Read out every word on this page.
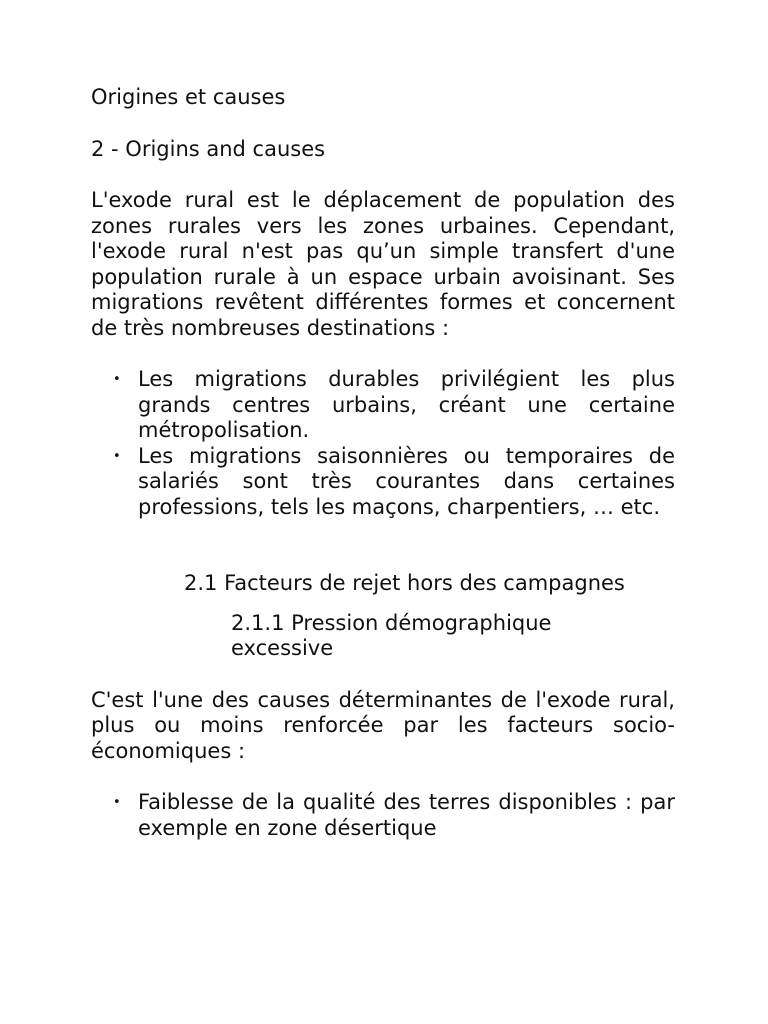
Origines et causes

2 - Origins and causes

L'exode rural est le déplacement de population des zones rurales vers les zones urbaines. Cependant, l'exode rural n'est pas qu’un simple transfert d'une population rurale à un espace urbain avoisinant. Ses migrations revêtent différentes formes et concernent de très nombreuses destinations :

• Les migrations durables privilégient les plus grands centres urbains, créant une certaine métropolisation.
• Les migrations saisonnières ou temporaires de salariés sont très courantes dans certaines professions, tels les maçons, charpentiers, … etc.

2.1 Facteurs de rejet hors des campagnes

2.1.1 Pression démographique excessive

C'est l'une des causes déterminantes de l'exode rural, plus ou moins renforcée par les facteurs socio-économiques :

• Faiblesse de la qualité des terres disponibles : par exemple en zone désertique
